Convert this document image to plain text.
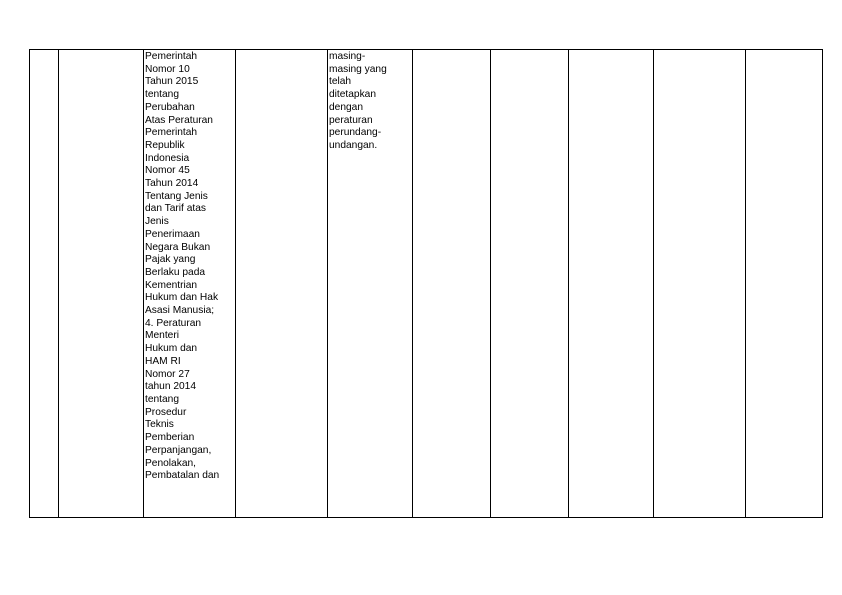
Pemerintah
Nomor 10
Tahun 2015
tentang
Perubahan
Atas Peraturan
Pemerintah
Republik
Indonesia
Nomor 45
Tahun 2014
Tentang Jenis
dan Tarif atas
Jenis
Penerimaan
Negara Bukan
Pajak yang
Berlaku pada
Kementrian
Hukum dan Hak
Asasi Manusia;
4. Peraturan
Menteri
Hukum dan
HAM RI
Nomor 27
tahun 2014
tentang
Prosedur
Teknis
Pemberian
Perpanjangan,
Penolakan,
Pembatalan dan
masing-
masing yang
telah
ditetapkan
dengan
peraturan
perundang-
undangan.
